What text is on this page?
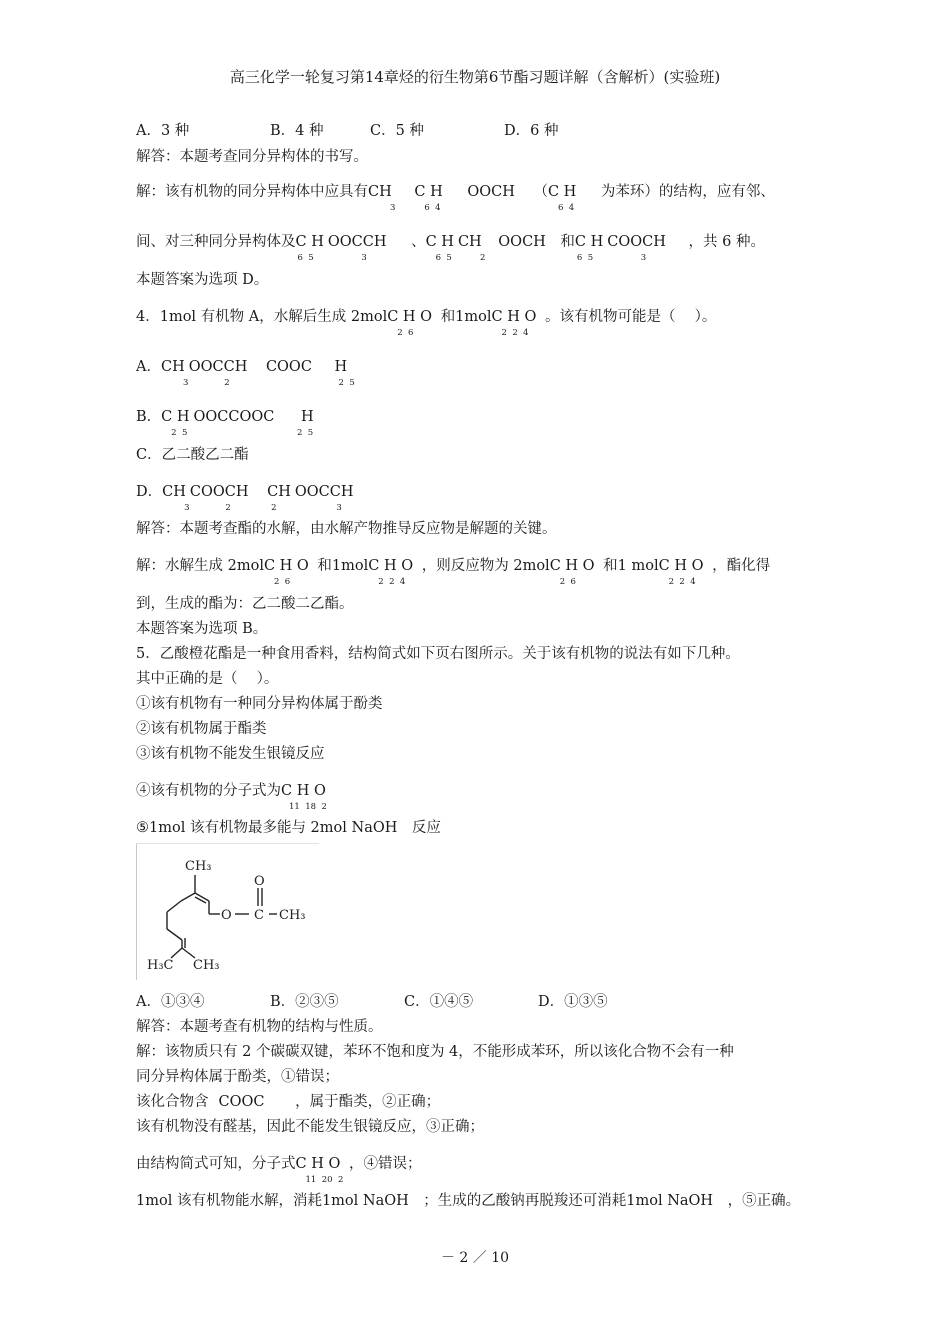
高三化学一轮复习第14章烃的衍生物第6节酯习题详解（含解析）(实验班)
A．3 种	B．4 种	C．5 种	D．6 种
解答：本题考查同分异构体的书写。
解：该有机物的同分异构体中应具有CH
3
C H
6  4
OOCH （C H
6  4
为苯环）的结构，应有邻、
间、对三种同分异构体及C H
6  5
OOCCH
3
、C H
6  5
CH
2
OOCH 和C H
6  5
COOCH
3
，共 6 种。
本题答案为选项 D。
4．1mol 有机物 A，水解后生成 2molC H O
2  6
和1molC H O
2  2  4
。该有机物可能是（　 ）。
A．CH
3
OOCCH
2
COOC H
2  5
B．C H
2  5
OOCCOOC H
2  5
C．乙二酸乙二酯
D．CH
3
COOCH
2
CH
2
OOCCH
3
解答：本题考查酯的水解，由水解产物推导反应物是解题的关键。
解：水解生成 2molC H O
2  6
和1molC H O
2  2  4
，则反应物为 2molC H O
2  6
和1 molC H O
2  2  4
，酯化得
到，生成的酯为：乙二酸二乙酯。
本题答案为选项 B。
5．乙酸橙花酯是一种食用香料，结构简式如下页右图所示。关于该有机物的说法有如下几种。
其中正确的是（　 ）。
①该有机物有一种同分异构体属于酚类
②该有机物属于酯类
③该有机物不能发生银镜反应
④该有机物的分子式为C H O
11  18  2
⑤1mol 该有机物最多能与 2mol NaOH　反应
CH₃
O
O C CH₃
H₃C CH₃
A．①③④	B．②③⑤	C．①④⑤	D．①③⑤
解答：本题考查有机物的结构与性质。
解：该物质只有 2 个碳碳双键，苯环不饱和度为 4，不能形成苯环，所以该化合物不会有一种
同分异构体属于酚类，①错误；
该化合物含 COOC ，属于酯类，②正确；
该有机物没有醛基，因此不能发生银镜反应，③正确；
由结构简式可知，分子式C H O
11  20  2
，④错误；
1mol 该有机物能水解，消耗1mol NaOH　；生成的乙酸钠再脱羧还可消耗1mol NaOH　，⑤正确。
－ 2 ／ 10
